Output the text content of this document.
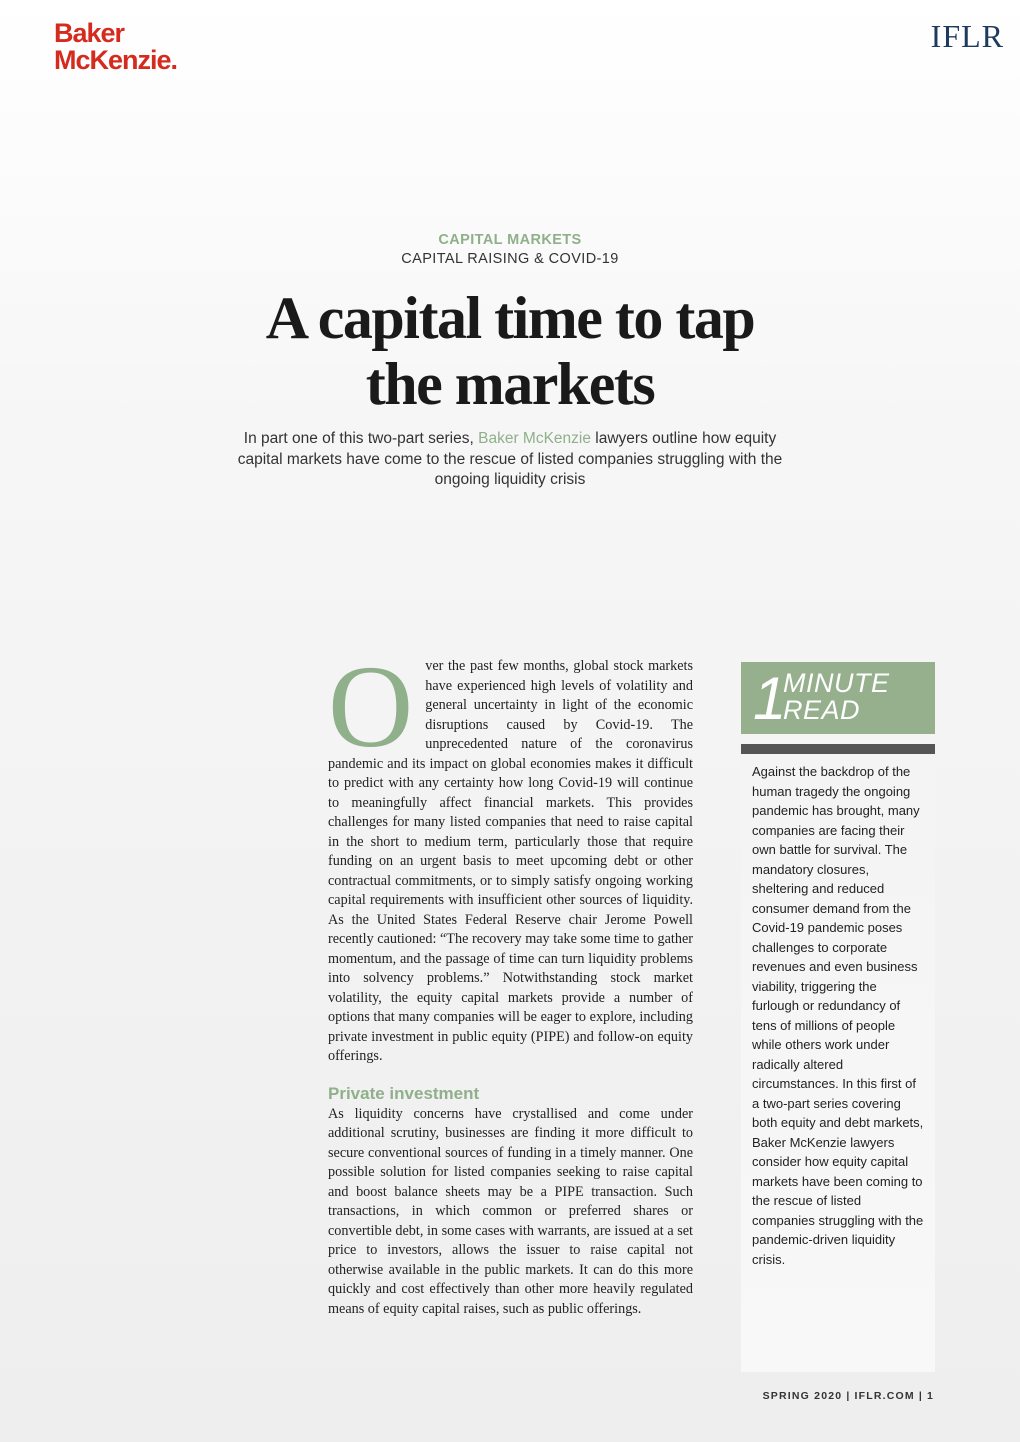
Baker
McKenzie.
IFLR
CAPITAL MARKETS
CAPITAL RAISING & COVID-19
A capital time to tap
the markets
In part one of this two-part series, Baker McKenzie lawyers outline how equity capital markets have come to the rescue of listed companies struggling with the ongoing liquidity crisis
O ver the past few months, global stock markets have experienced high levels of volatility and general uncertainty in light of the economic disruptions caused by Covid-19. The unprecedented nature of the coronavirus pandemic and its impact on global economies makes it difficult to predict with any certainty how long Covid-19 will continue to meaningfully affect financial markets. This provides challenges for many listed companies that need to raise capital in the short to medium term, particularly those that require funding on an urgent basis to meet upcoming debt or other contractual commitments, or to simply satisfy ongoing working capital requirements with insufficient other sources of liquidity. As the United States Federal Reserve chair Jerome Powell recently cautioned: “The recovery may take some time to gather momentum, and the passage of time can turn liquidity problems into solvency problems.” Notwithstanding stock market volatility, the equity capital markets provide a number of options that many companies will be eager to explore, including private investment in public equity (PIPE) and follow-on equity offerings.

Private investment

As liquidity concerns have crystallised and come under additional scrutiny, businesses are finding it more difficult to secure conventional sources of funding in a timely manner. One possible solution for listed companies seeking to raise capital and boost balance sheets may be a PIPE transaction. Such transactions, in which common or preferred shares or convertible debt, in some cases with warrants, are issued at a set price to investors, allows the issuer to raise capital not otherwise available in the public markets. It can do this more quickly and cost effectively than other more heavily regulated means of equity capital raises, such as public offerings.

1
MINUTE
READ
Against the backdrop of the human tragedy the ongoing pandemic has brought, many companies are facing their own battle for survival. The mandatory closures, sheltering and reduced consumer demand from the Covid-19 pandemic poses challenges to corporate revenues and even business viability, triggering the furlough or redundancy of tens of millions of people while others work under radically altered circumstances. In this first of a two-part series covering both equity and debt markets, Baker McKenzie lawyers consider how equity capital markets have been coming to the rescue of listed companies struggling with the pandemic-driven liquidity crisis.
SPRING 2020 | IFLR.COM | 1
